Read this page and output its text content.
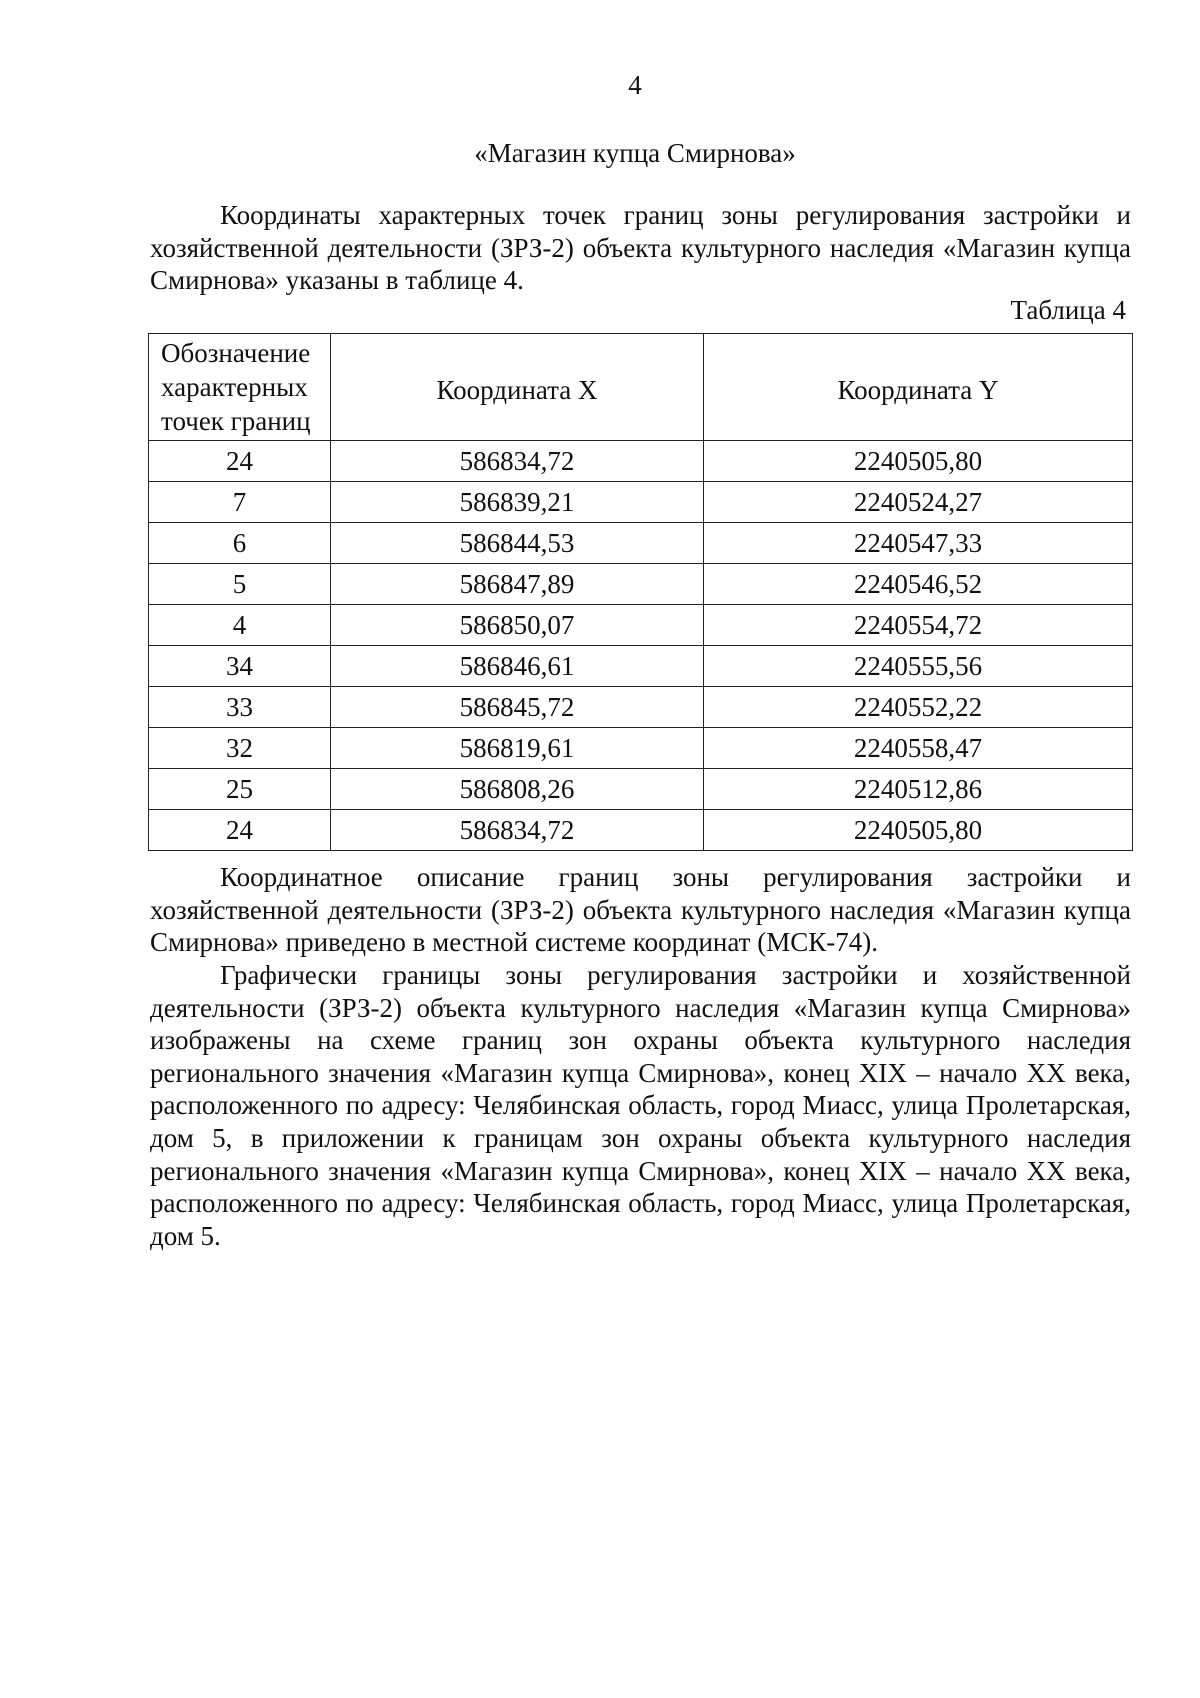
4
«Магазин купца Смирнова»

Координаты характерных точек границ зоны регулирования застройки и хозяйственной деятельности (ЗРЗ-2) объекта культурного наследия «Магазин купца Смирнова» указаны в таблице 4.

Таблица 4
Обозначение характерных точек границ	Координата X	Координата Y
24	586834,72	2240505,80
7	586839,21	2240524,27
6	586844,53	2240547,33
5	586847,89	2240546,52
4	586850,07	2240554,72
34	586846,61	2240555,56
33	586845,72	2240552,22
32	586819,61	2240558,47
25	586808,26	2240512,86
24	586834,72	2240505,80

Координатное описание границ зоны регулирования застройки и хозяйственной деятельности (ЗРЗ-2) объекта культурного наследия «Магазин купца Смирнова» приведено в местной системе координат (МСК-74).

Графически границы зоны регулирования застройки и хозяйственной деятельности (ЗРЗ-2) объекта культурного наследия «Магазин купца Смирнова» изображены на схеме границ зон охраны объекта культурного наследия регионального значения «Магазин купца Смирнова», конец XIX – начало XX века, расположенного по адресу: Челябинская область, город Миасс, улица Пролетарская, дом 5, в приложении к границам зон охраны объекта культурного наследия регионального значения «Магазин купца Смирнова», конец XIX – начало XX века, расположенного по адресу: Челябинская область, город Миасс, улица Пролетарская, дом 5.
